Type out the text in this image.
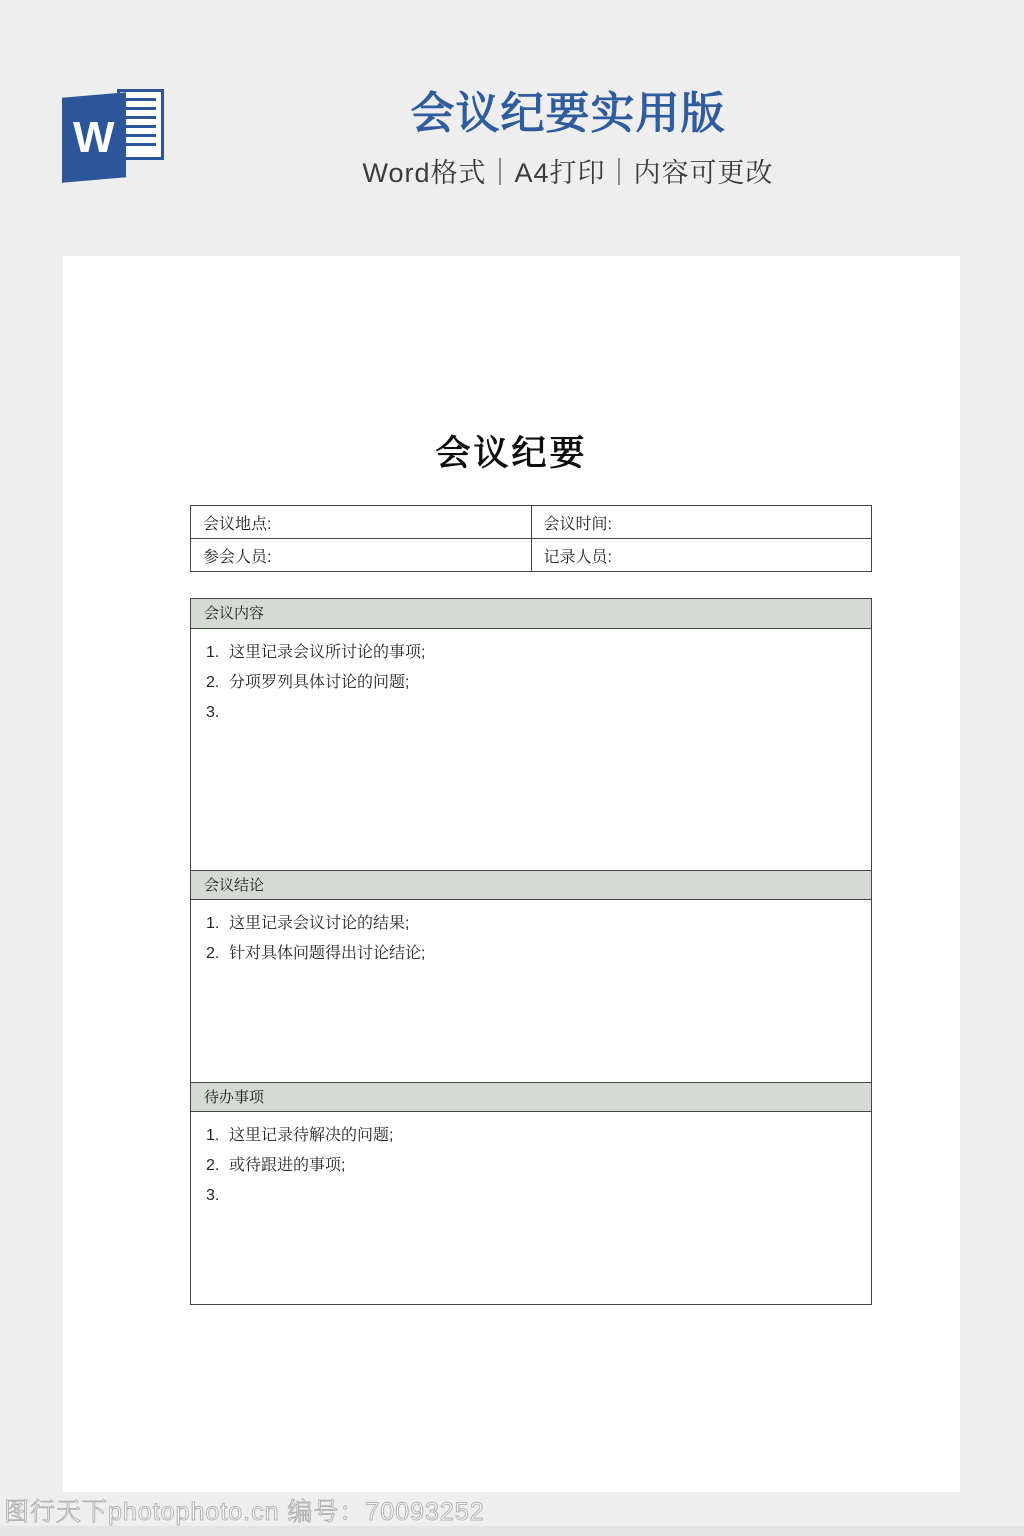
W	会议纪要实用版

Word格式｜A4打印｜内容可更改

会议纪要
会议地点:	会议时间:
参会人员:	记录人员:
会议内容
1. 这里记录会议所讨论的事项;
2. 分项罗列具体讨论的问题;
3.
会议结论
1. 这里记录会议讨论的结果;
2. 针对具体问题得出讨论结论;
待办事项
1. 这里记录待解决的问题;
2. 或待跟进的事项;
3.
图行天下photophoto.cn 编号：70093252
